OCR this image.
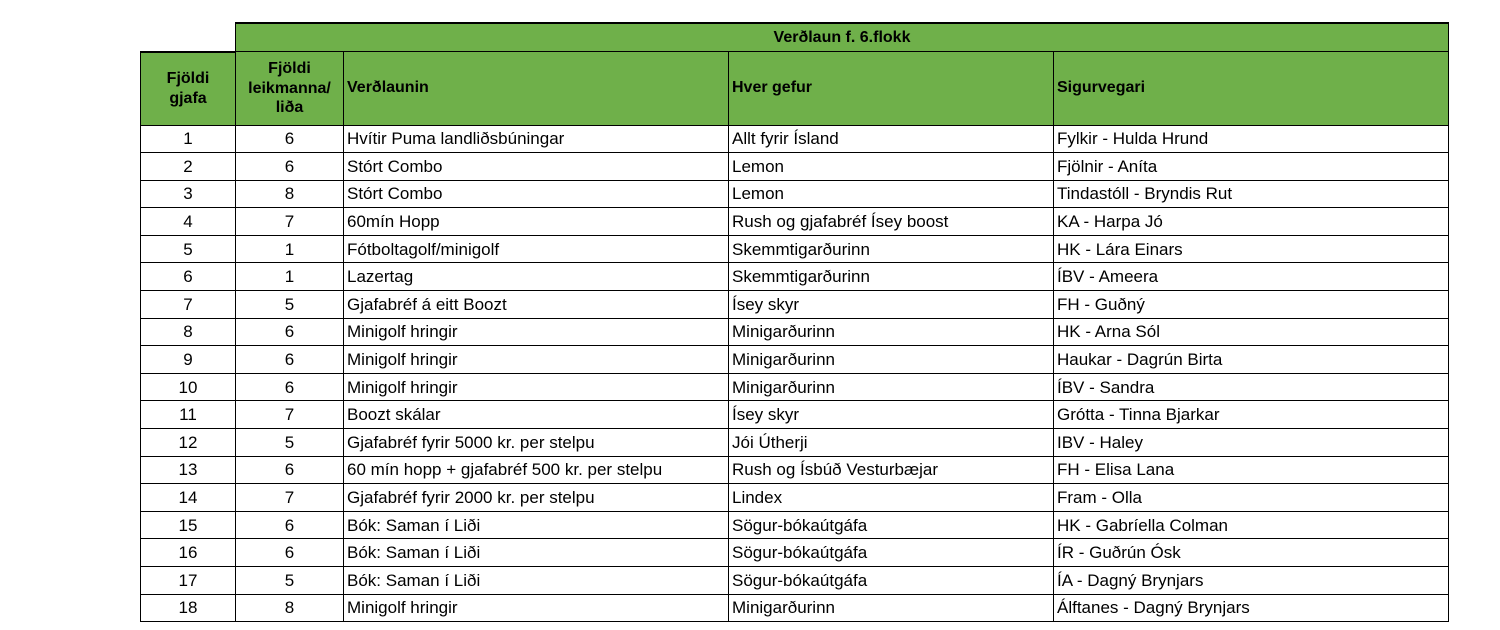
	Verðlaun f. 6.flokk			

Fjöldi
gjafa	Fjöldi
leikmanna/
liða	Verðlaunin	Hver gefur	Sigurvegari
1	6	Hvítir Puma landliðsbúningar	Allt fyrir Ísland	Fylkir - Hulda Hrund
2	6	Stórt Combo	Lemon	Fjölnir - Aníta
3	8	Stórt Combo	Lemon	Tindastóll - Bryndis Rut
4	7	60mín Hopp	Rush og gjafabréf Ísey boost	KA - Harpa Jó
5	1	Fótboltagolf/minigolf	Skemmtigarðurinn	HK - Lára Einars
6	1	Lazertag	Skemmtigarðurinn	ÍBV - Ameera
7	5	Gjafabréf á eitt Boozt	Ísey skyr	FH - Guðný
8	6	Minigolf hringir	Minigarðurinn	HK - Arna Sól
9	6	Minigolf hringir	Minigarðurinn	Haukar - Dagrún Birta
10	6	Minigolf hringir	Minigarðurinn	ÍBV - Sandra
11	7	Boozt skálar	Ísey skyr	Grótta - Tinna Bjarkar
12	5	Gjafabréf fyrir 5000 kr. per stelpu	Jói Útherji	IBV - Haley
13	6	60 mín hopp + gjafabréf 500 kr. per stelpu	Rush og Ísbúð Vesturbæjar	FH - Elisa Lana
14	7	Gjafabréf fyrir 2000 kr. per stelpu	Lindex	Fram - Olla
15	6	Bók: Saman í Liði	Sögur-bókaútgáfa	HK - Gabríella Colman
16	6	Bók: Saman í Liði	Sögur-bókaútgáfa	ÍR - Guðrún Ósk
17	5	Bók: Saman í Liði	Sögur-bókaútgáfa	ÍA - Dagný Brynjars
18	8	Minigolf hringir	Minigarðurinn	Álftanes - Dagný Brynjars
